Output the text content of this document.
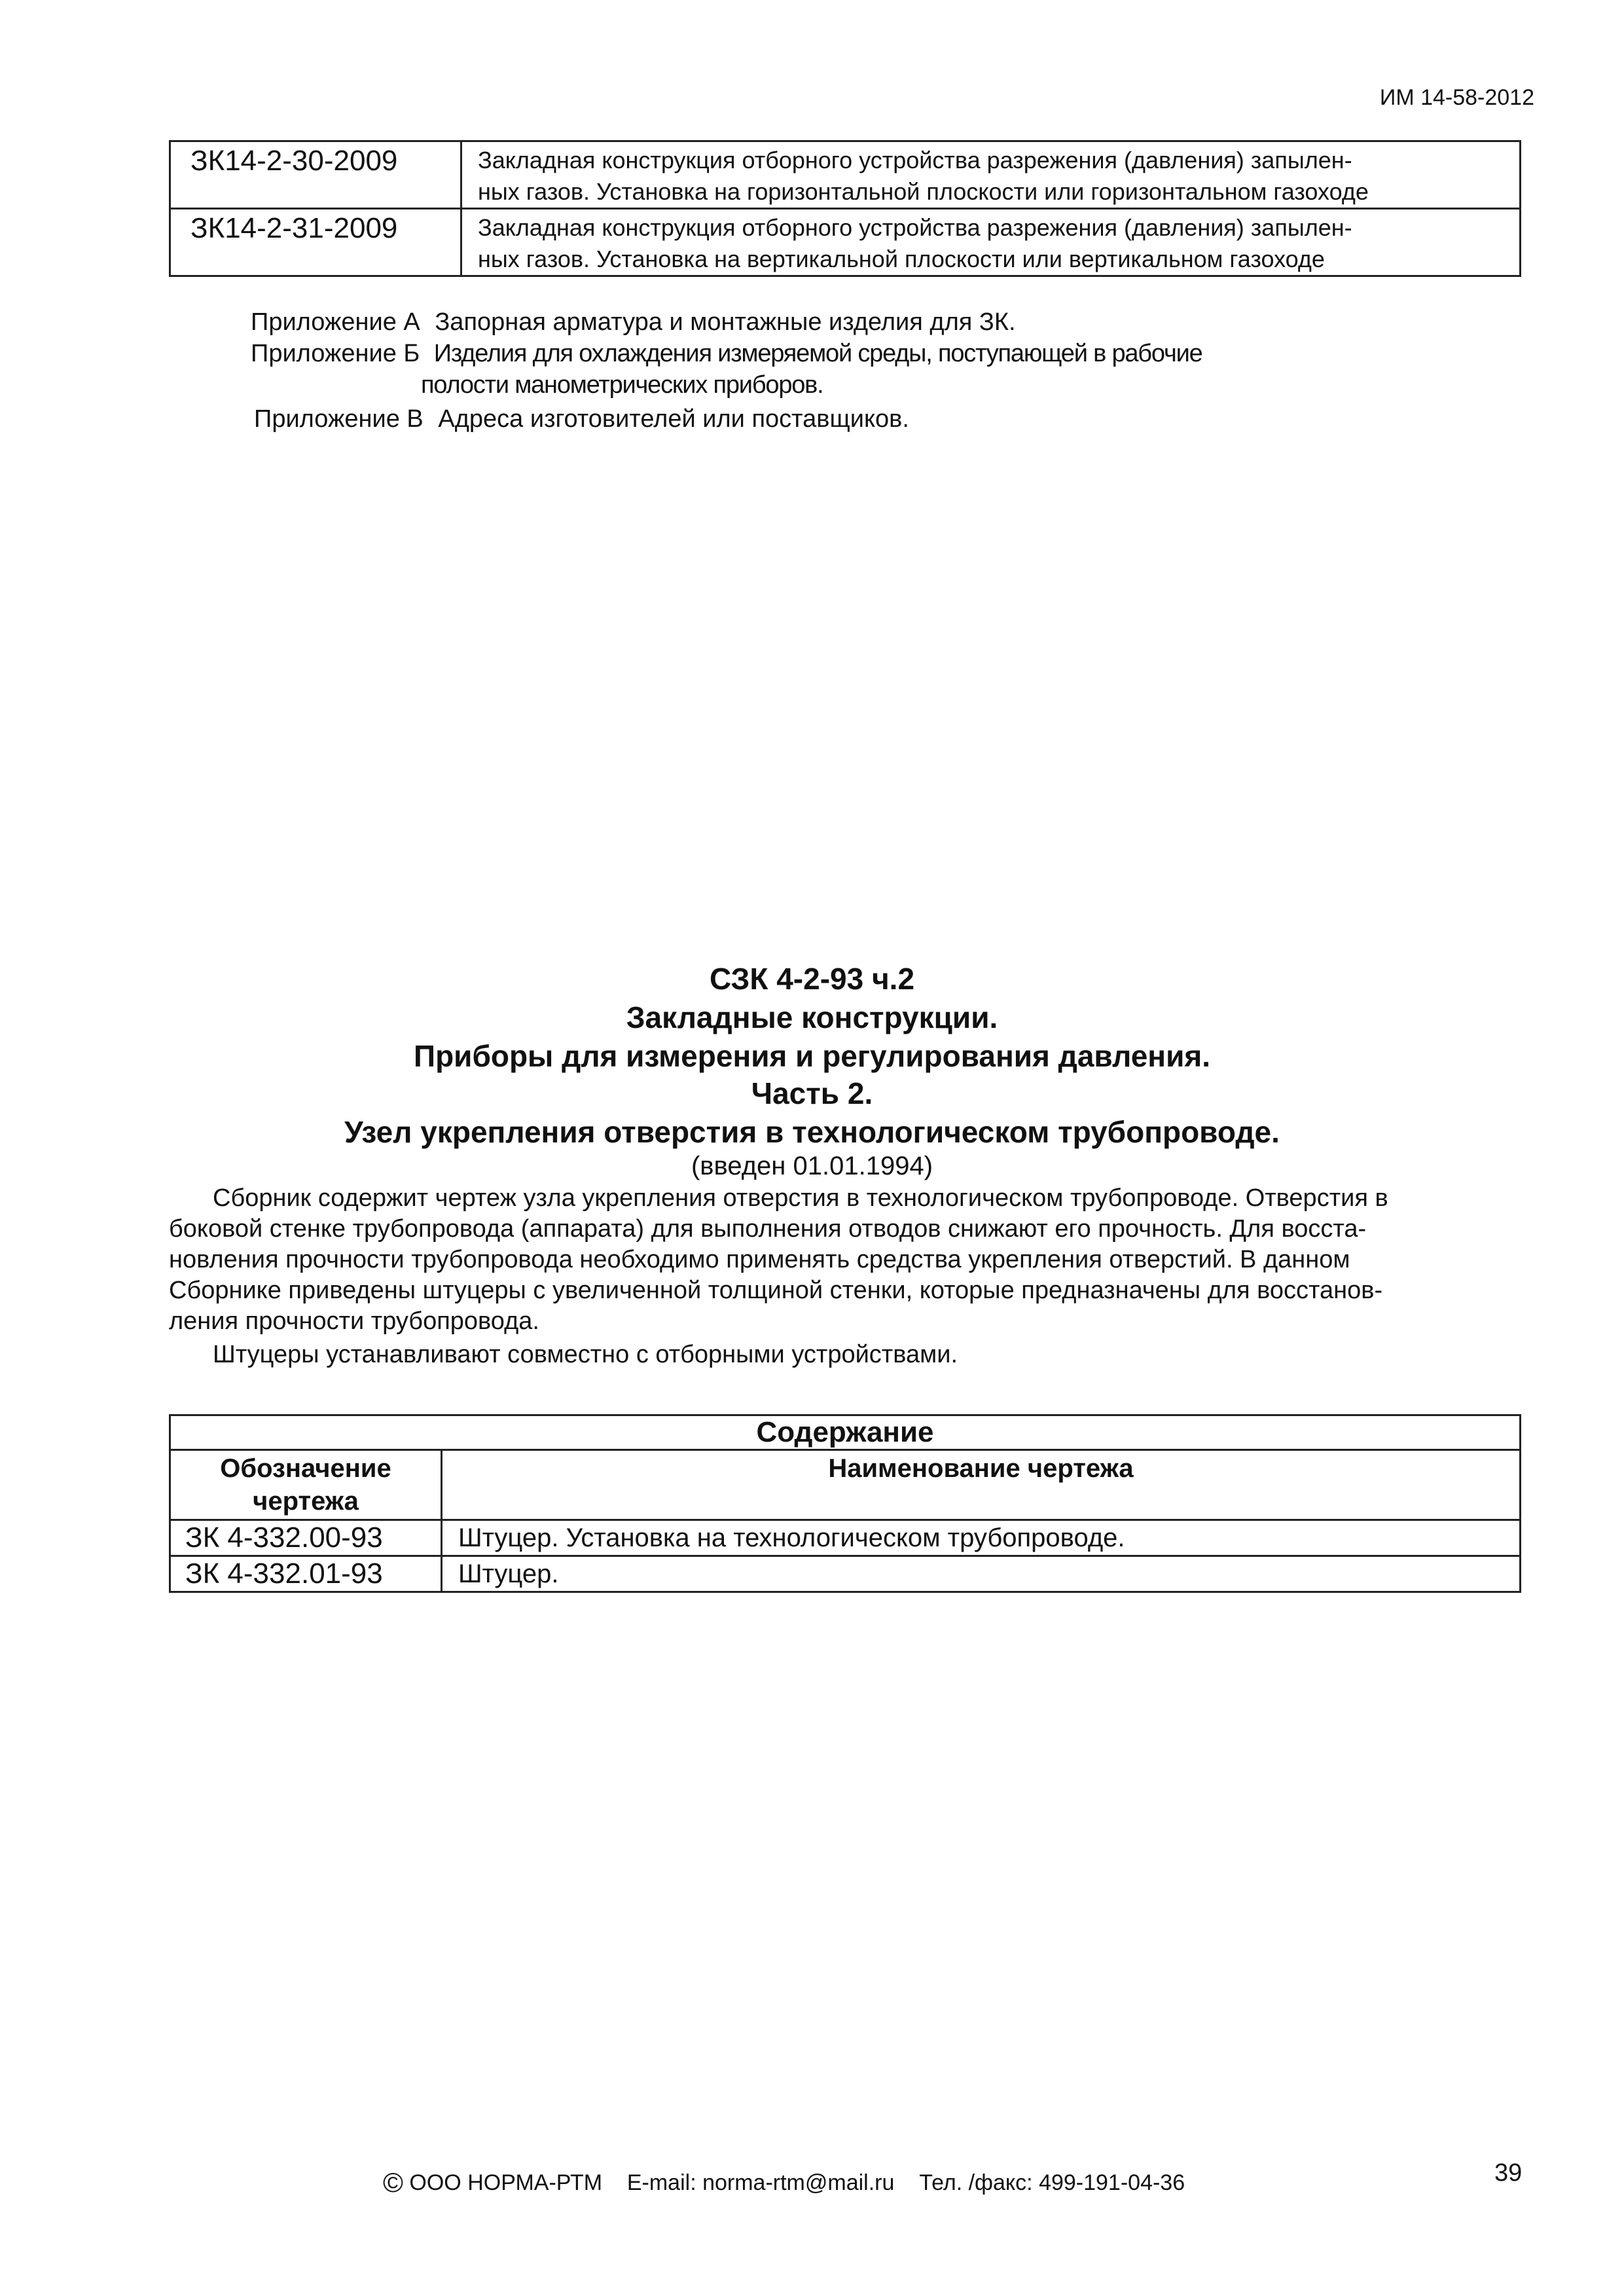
ИМ 14-58-2012
ЗК14-2-30-2009	Закладная конструкция отборного устройства разрежения (давления) запылен-
ных газов. Установка на горизонтальной плоскости или горизонтальном газоходе

ЗК14-2-31-2009	Закладная конструкция отборного устройства разрежения (давления) запылен-
ных газов. Установка на вертикальной плоскости или вертикальном газоходе
Приложение А Запорная арматура и монтажные изделия для ЗК.
Приложение Б Изделия для охлаждения измеряемой среды, поступающей в рабочие
полости манометрических приборов.
Приложение В Адреса изготовителей или поставщиков.
СЗК 4-2-93 ч.2
Закладные конструкции.
Приборы для измерения и регулирования давления.
Часть 2.
Узел укрепления отверстия в технологическом трубопроводе.
(введен 01.01.1994)
Сборник содержит чертеж узла укрепления отверстия в технологическом трубопроводе. Отверстия в
боковой стенке трубопровода (аппарата) для выполнения отводов снижают его прочность. Для восста-
новления прочности трубопровода необходимо применять средства укрепления отверстий. В данном
Сборнике приведены штуцеры с увеличенной толщиной стенки, которые предназначены для восстанов-
ления прочности трубопровода.
Штуцеры устанавливают совместно с отборными устройствами.
Содержание	
Обозначение чертежа	Наименование чертежа
ЗК 4-332.00-93	Штуцер. Установка на технологическом трубопроводе.
ЗК 4-332.01-93	Штуцер.
© ООО НОРМА-РТМ E-mail: norma-rtm@mail.ru Тел. /факс: 499-191-04-36	39
